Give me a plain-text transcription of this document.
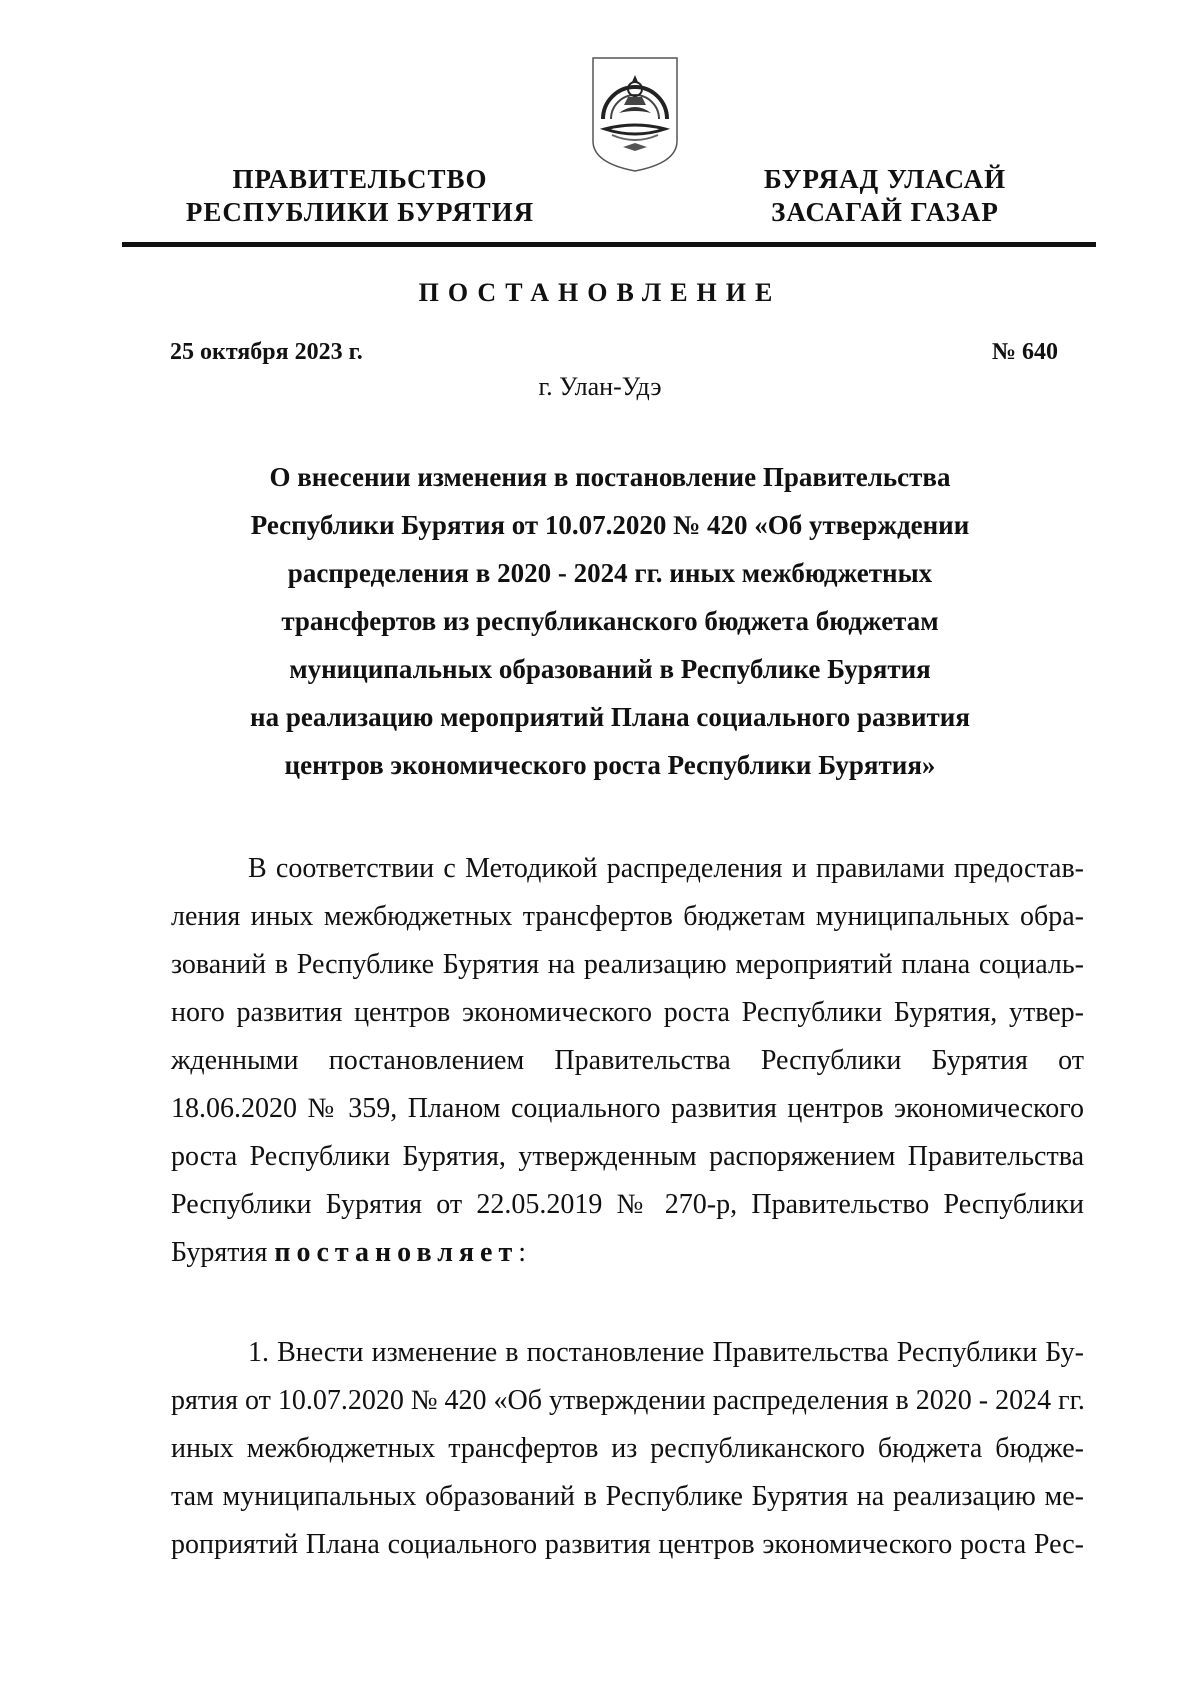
ПРАВИТЕЛЬСТВО
РЕСПУБЛИКИ БУРЯТИЯ
БУРЯАД УЛАСАЙ
ЗАСАГАЙ ГАЗАР
ПОСТАНОВЛЕНИЕ
25 октября 2023 г.	№ 640
г. Улан-Удэ
О внесении изменения в постановление Правительства
Республики Бурятия от 10.07.2020 № 420 «Об утверждении
распределения в 2020 - 2024 гг. иных межбюджетных
трансфертов из республиканского бюджета бюджетам
муниципальных образований в Республике Бурятия
на реализацию мероприятий Плана социального развития
центров экономического роста Республики Бурятия»
В соответствии с Методикой распределения и правилами предостав-
ления иных межбюджетных трансфертов бюджетам муниципальных обра-
зований в Республике Бурятия на реализацию мероприятий плана социаль-
ного развития центров экономического роста Республики Бурятия, утвер-
жденными постановлением Правительства Республики Бурятия от
18.06.2020 № 359, Планом социального развития центров экономического
роста Республики Бурятия, утвержденным распоряжением Правительства
Республики Бурятия от 22.05.2019 № 270-р, Правительство Республики
Бурятия постановляет:
1. Внести изменение в постановление Правительства Республики Бу-
рятия от 10.07.2020 № 420 «Об утверждении распределения в 2020 - 2024 гг.
иных межбюджетных трансфертов из республиканского бюджета бюдже-
там муниципальных образований в Республике Бурятия на реализацию ме-
роприятий Плана социального развития центров экономического роста Рес-
